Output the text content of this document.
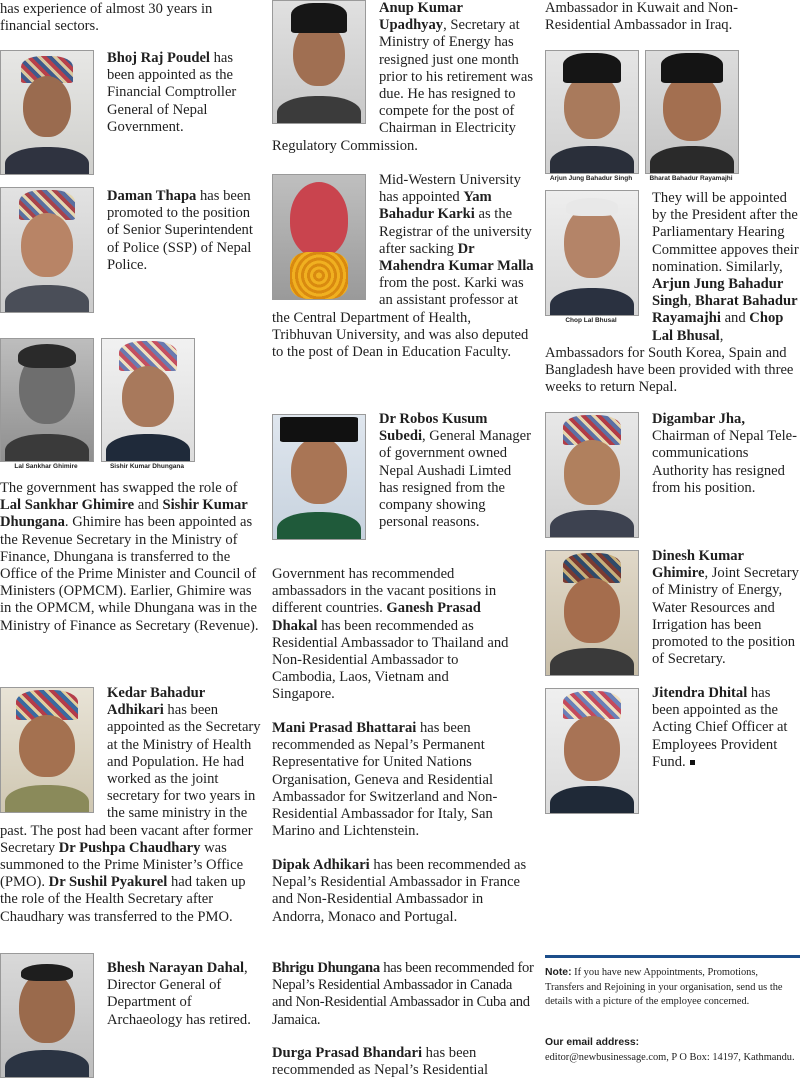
has experience of almost 30 years in financial sectors.

Bhoj Raj Poudel has been appointed as the Financial Comptroller General of Nepal Government.

Daman Thapa has been promoted to the position of Senior Superintendent of Police (SSP) of Nepal Police.

Lal Sankhar Ghimire	Sishir Kumar Dhungana

The government has swapped the role of Lal Sankhar Ghimire and Sishir Kumar Dhungana. Ghimire has been appointed as the Revenue Secretary in the Ministry of Finance, Dhungana is transferred to the Office of the Prime Minister and Council of Ministers (OPMCM). Earlier, Ghimire was in the OPMCM, while Dhungana was in the Ministry of Finance as Secretary (Revenue).

Kedar Bahadur Adhikari has been appointed as the Secretary at the Ministry of Health and Population. He had worked as the joint secretary for two years in the same ministry in the past. The post had been vacant after former Secretary Dr Pushpa Chaudhary was summoned to the Prime Minister’s Office (PMO). Dr Sushil Pyakurel had taken up the role of the Health Secretary after Chaudhary was transferred to the PMO.

Bhesh Narayan Dahal, Director General of Department of Archaeology has retired.

Anup Kumar Upadhyay, Secretary at Ministry of Energy has resigned just one month prior to his retirement was due. He has resigned to compete for the post of Chairman in Electricity Regulatory Commission.

Mid-Western University has appointed Yam Bahadur Karki as the Registrar of the university after sacking Dr Mahendra Kumar Malla from the post. Karki was an assistant professor at the Central Department of Health, Tribhuvan University, and was also deputed to the post of Dean in Education Faculty.

Dr Robos Kusum Subedi, General Manager of government owned Nepal Aushadi Limted has resigned from the company showing personal reasons.

Government has recommended ambassadors in the vacant positions in different countries. Ganesh Prasad Dhakal has been recommended as Residential Ambassador to Thailand and Non-Residential Ambassador to Cambodia, Laos, Vietnam and Singapore.

Mani Prasad Bhattarai has been recommended as Nepal’s Permanent Representative for United Nations Organisation, Geneva and Residential Ambassador for Switzerland and Non-Residential Ambassador for Italy, San Marino and Lichtenstein.

Dipak Adhikari has been recommended as Nepal’s Residential Ambassador in France and Non-Residential Ambassador in Andorra, Monaco and Portugal.

Bhrigu Dhungana has been recommended for Nepal’s Residential Ambassador in Canada and Non-Residential Ambassador in Cuba and Jamaica.

Durga Prasad Bhandari has been recommended as Nepal’s Residential

Ambassador in Kuwait and Non-Residential Ambassador in Iraq.

Arjun Jung Bahadur Singh	Bharat Bahadur Rayamajhi
Chop Lal Bhusal

They will be appointed by the President after the Parliamentary Hearing Committee appoves their nomination. Similarly, Arjun Jung Bahadur Singh, Bharat Bahadur Rayamajhi and Chop Lal Bhusal, Ambassadors for South Korea, Spain and Bangladesh have been provided with three weeks to return Nepal.

Digambar Jha, Chairman of Nepal Tele-communications Authority has resigned from his position.

Dinesh Kumar Ghimire, Joint Secretary of Ministry of Energy, Water Resources and Irrigation has been promoted to the position of Secretary.

Jitendra Dhital has been appointed as the Acting Chief Officer at Employees Provident Fund.

Note: If you have new Appointments, Promotions, Transfers and Rejoining in your organisation, send us the details with a picture of the employee concerned.
Our email address:
editor@newbusinessage.com, P O Box: 14197, Kathmandu.
